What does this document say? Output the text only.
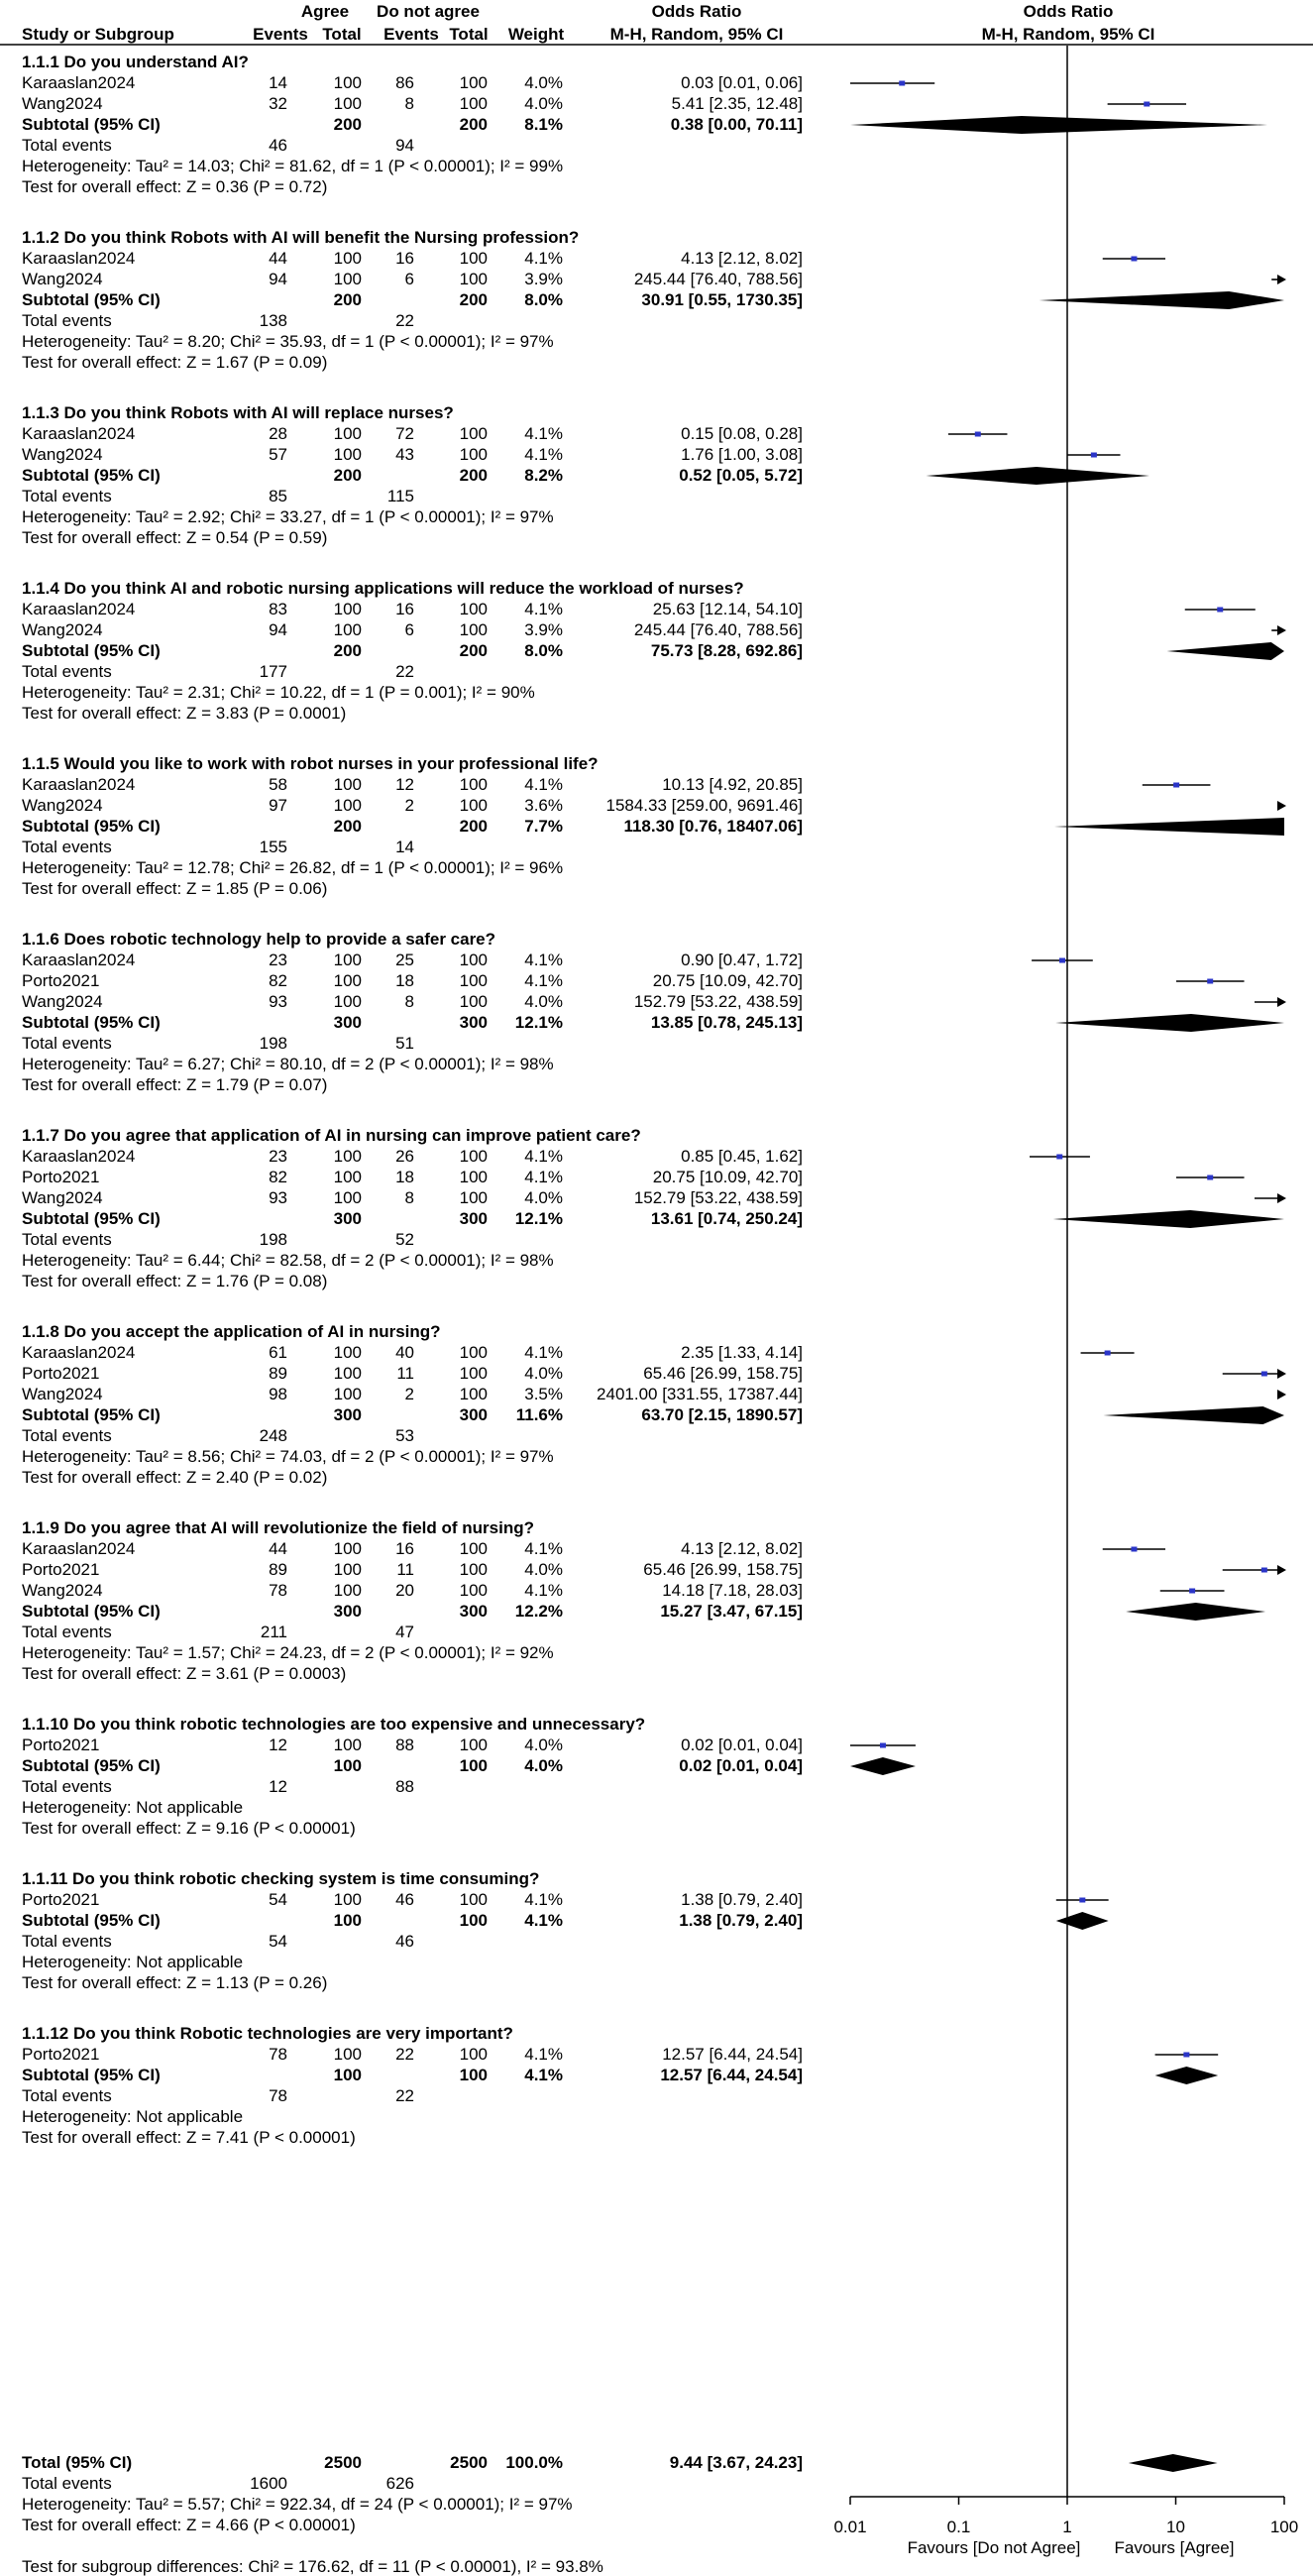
Agree Do not agree	Odds Ratio	Odds Ratio
Study or Subgroup	Events Total Events Total Weight	M-H, Random, 95% CI	M-H, Random, 95% CI
1.1.1 Do you understand AI?
Karaaslan2024	14	100 86	100 4.0%	0.03 [0.01, 0.06]
Wang2024	32	100	8	100 4.0%	5.41 [2.35, 12.48]
Subtotal (95% CI)	200	200 8.1%	0.38 [0.00, 70.11]
Total events	46	94
Heterogeneity: Tau² = 14.03; Chi² = 81.62, df = 1 (P < 0.00001); I² = 99%
Test for overall effect: Z = 0.36 (P = 0.72)
1.1.2 Do you think Robots with AI will benefit the Nursing profession?
Karaaslan2024	44	100 16	100 4.1%	4.13 [2.12, 8.02]
Wang2024	94	100	6	100 3.9%	245.44 [76.40, 788.56]
Subtotal (95% CI)	200	200 8.0%	30.91 [0.55, 1730.35]
Total events	138	22
Heterogeneity: Tau² = 8.20; Chi² = 35.93, df = 1 (P < 0.00001); I² = 97%
Test for overall effect: Z = 1.67 (P = 0.09)
1.1.3 Do you think Robots with AI will replace nurses?
Karaaslan2024	28	100 72	100 4.1%	0.15 [0.08, 0.28]
Wang2024	57	100 43	100 4.1%	1.76 [1.00, 3.08]
Subtotal (95% CI)	200	200 8.2%	0.52 [0.05, 5.72]
Total events	85	115
Heterogeneity: Tau² = 2.92; Chi² = 33.27, df = 1 (P < 0.00001); I² = 97%
Test for overall effect: Z = 0.54 (P = 0.59)
1.1.4 Do you think AI and robotic nursing applications will reduce the workload of nurses?
Karaaslan2024	83	100 16	100 4.1%	25.63 [12.14, 54.10]
Wang2024	94	100	6	100 3.9%	245.44 [76.40, 788.56]
Subtotal (95% CI)	200	200 8.0%	75.73 [8.28, 692.86]
Total events	177	22
Heterogeneity: Tau² = 2.31; Chi² = 10.22, df = 1 (P = 0.001); I² = 90%
Test for overall effect: Z = 3.83 (P = 0.0001)
1.1.5 Would you like to work with robot nurses in your professional life?
Karaaslan2024	58	100 12	100 4.1%	10.13 [4.92, 20.85]
Wang2024	97	100	2	100 3.6%	1584.33 [259.00, 9691.46]
Subtotal (95% CI)	200	200 7.7%	118.30 [0.76, 18407.06]
Total events	155	14
Heterogeneity: Tau² = 12.78; Chi² = 26.82, df = 1 (P < 0.00001); I² = 96%
Test for overall effect: Z = 1.85 (P = 0.06)
1.1.6 Does robotic technology help to provide a safer care?
Karaaslan2024	23	100 25	100 4.1%	0.90 [0.47, 1.72]
Porto2021	82	100 18	100 4.1%	20.75 [10.09, 42.70]
Wang2024	93	100	8	100 4.0%	152.79 [53.22, 438.59]
Subtotal (95% CI)	300	300 12.1%	13.85 [0.78, 245.13]
Total events	198	51
Heterogeneity: Tau² = 6.27; Chi² = 80.10, df = 2 (P < 0.00001); I² = 98%
Test for overall effect: Z = 1.79 (P = 0.07)
1.1.7 Do you agree that application of AI in nursing can improve patient care?
Karaaslan2024	23	100 26	100 4.1%	0.85 [0.45, 1.62]
Porto2021	82	100 18	100 4.1%	20.75 [10.09, 42.70]
Wang2024	93	100	8	100 4.0%	152.79 [53.22, 438.59]
Subtotal (95% CI)	300	300 12.1%	13.61 [0.74, 250.24]
Total events	198	52
Heterogeneity: Tau² = 6.44; Chi² = 82.58, df = 2 (P < 0.00001); I² = 98%
Test for overall effect: Z = 1.76 (P = 0.08)
1.1.8 Do you accept the application of AI in nursing?
Karaaslan2024	61	100 40	100 4.1%	2.35 [1.33, 4.14]
Porto2021	89	100 11	100 4.0%	65.46 [26.99, 158.75]
Wang2024	98	100	2	100 3.5% 2401.00 [331.55, 17387.44]
Subtotal (95% CI)	300	300 11.6%	63.70 [2.15, 1890.57]
Total events	248	53
Heterogeneity: Tau² = 8.56; Chi² = 74.03, df = 2 (P < 0.00001); I² = 97%
Test for overall effect: Z = 2.40 (P = 0.02)
1.1.9 Do you agree that AI will revolutionize the field of nursing?
Karaaslan2024	44	100 16	100 4.1%	4.13 [2.12, 8.02]
Porto2021	89	100 11	100 4.0%	65.46 [26.99, 158.75]
Wang2024	78	100 20	100 4.1%	14.18 [7.18, 28.03]
Subtotal (95% CI)	300	300 12.2%	15.27 [3.47, 67.15]
Total events	211	47
Heterogeneity: Tau² = 1.57; Chi² = 24.23, df = 2 (P < 0.00001); I² = 92%
Test for overall effect: Z = 3.61 (P = 0.0003)
1.1.10 Do you think robotic technologies are too expensive and unnecessary?
Porto2021	12	100 88	100 4.0%	0.02 [0.01, 0.04]
Subtotal (95% CI)	100	100 4.0%	0.02 [0.01, 0.04]
Total events	12	88
Heterogeneity: Not applicable
Test for overall effect: Z = 9.16 (P < 0.00001)
1.1.11 Do you think robotic checking system is time consuming?
Porto2021	54	100 46	100 4.1%	1.38 [0.79, 2.40]
Subtotal (95% CI)	100	100 4.1%	1.38 [0.79, 2.40]
Total events	54	46
Heterogeneity: Not applicable
Test for overall effect: Z = 1.13 (P = 0.26)
1.1.12 Do you think Robotic technologies are very important?
Porto2021	78	100 22	100 4.1%	12.57 [6.44, 24.54]
Subtotal (95% CI)	100	100 4.1%	12.57 [6.44, 24.54]
Total events	78	22
Heterogeneity: Not applicable
Test for overall effect: Z = 7.41 (P < 0.00001)
Total (95% CI)	2500	2500 100.0%	9.44 [3.67, 24.23]
Total events	1600	626
Heterogeneity: Tau² = 5.57; Chi² = 922.34, df = 24 (P < 0.00001); I² = 97%
Test for overall effect: Z = 4.66 (P < 0.00001)
Test for subgroup differences: Chi² = 176.62, df = 11 (P < 0.00001), I² = 93.8%
Favours [Do not Agree] Favours [Agree]
0.01	0.1	1	10	100
